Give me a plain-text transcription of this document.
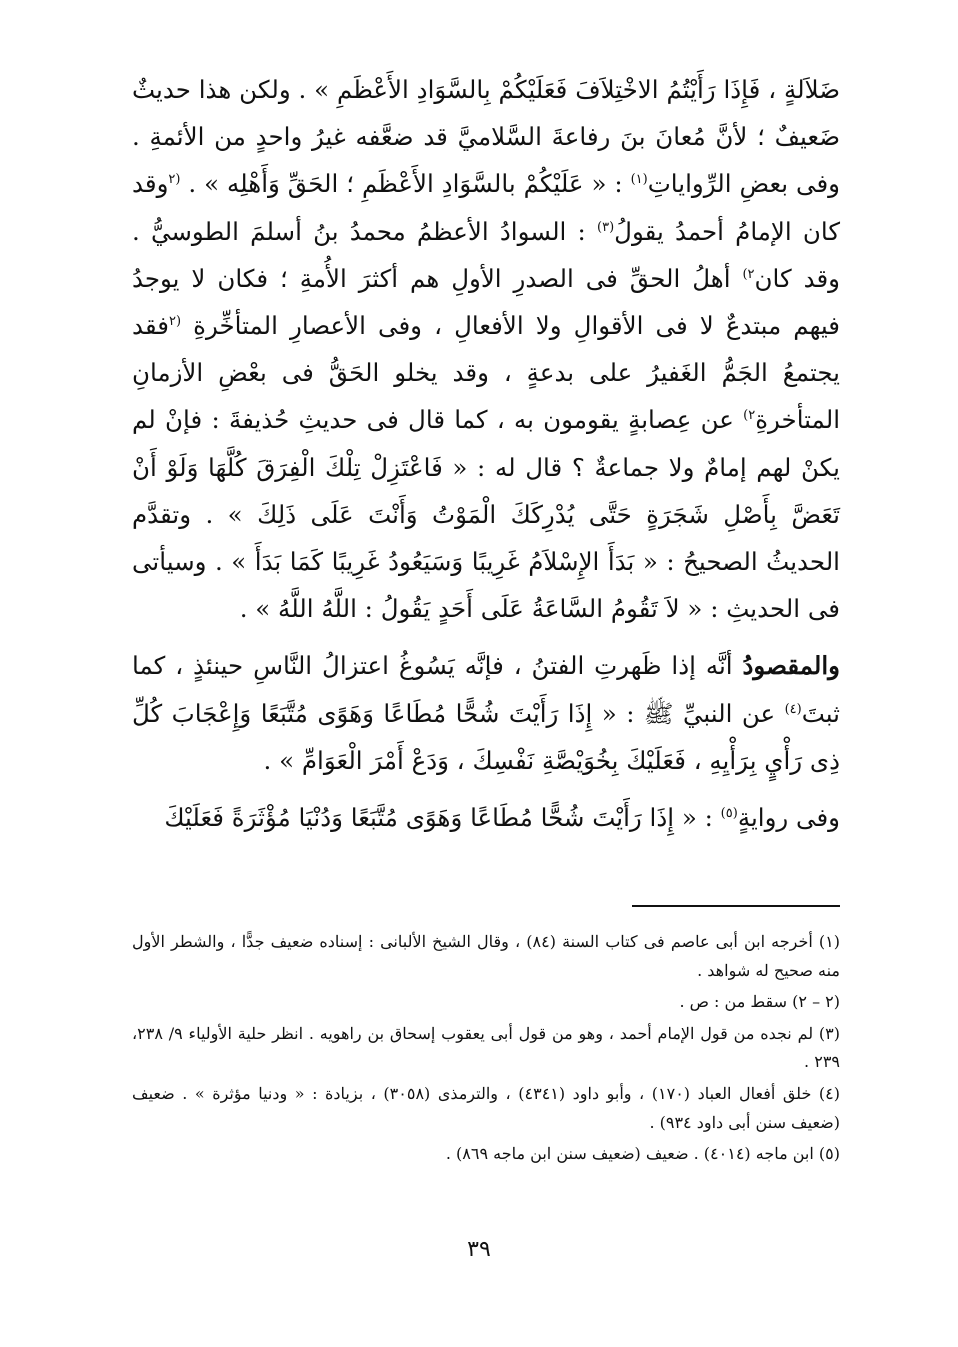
ضَلاَلةٍ ، فَإِذَا رَأَيْتُمُ الاخْتِلاَفَ فَعَلَيْكُمْ بِالسَّوَادِ الأَعْظَمِ » . ولكن هذا حديثٌ ضَعيفٌ ؛ لأنَّ مُعانَ بنَ رفاعةَ السَّلاميَّ قد ضعَّفه غيرُ واحدٍ من الأئمةِ . وفى بعضِ الرِّواياتِ$^{(١)}$ : « عَلَيْكُمْ بالسَّوَادِ الأَعْظَمِ ؛ الحَقِّ وَأَهْلِه » . $^{(٢}$وقد كان الإمامُ أحمدُ يقولُ$^{(٣)}$ : السوادُ الأعظمُ محمدُ بنُ أسلمَ الطوسيُّ . وقد كان$^{٢)}$ أهلُ الحقِّ فى الصدرِ الأولِ هم أكثرَ الأُمةِ ؛ فكان لا يوجدُ فيهم مبتدعٌ لا فى الأقوالِ ولا الأفعالِ ، وفى الأعصارِ المتأخِّرةِ $^{(٢}$فقد يجتمعُ الجَمُّ الغَفيرُ على بدعةٍ ، وقد يخلو الحَقُّ فى بعْضِ الأزمانِ المتأخرةِ$^{٢)}$ عن عِصابةٍ يقومون به ، كما قال فى حديثِ حُذيفةَ : فإنْ لم يكنْ لهم إمامٌ ولا جماعةٌ ؟ قال له : « فَاعْتَزِلْ تِلْكَ الْفِرَقَ كُلَّهَا وَلَوْ أَنْ تَعَضَّ بِأَصْلِ شَجَرَةٍ حَتَّى يُدْرِكَكَ الْمَوْتُ وَأَنْتَ عَلَى ذَلِكَ » . وتقدَّم الحديثُ الصحيحُ : « بَدَأَ الإِسْلاَمُ غَرِيبًا وَسَيَعُودُ غَرِيبًا كَمَا بَدَأَ » . وسيأتى فى الحديثِ : « لاَ تَقُومُ السَّاعَةُ عَلَى أَحَدٍ يَقُولُ : اللَّهُ اللَّهُ » .

والمقصودُ أنَّه إذا ظَهرتِ الفتنُ ، فإنَّه يَسُوغُ اعتزالُ النَّاسِ حينئذٍ ، كما ثبتَ$^{(٤)}$ عن النبيِّ ﷺ : « إِذَا رَأَيْتَ شُحًّا مُطَاعًا وَهَوًى مُتَّبَعًا وَإِعْجَابَ كُلِّ ذِى رَأْيٍ بِرَأْيِهِ ، فَعَلَيْكَ بِخُوَيْصَّةِ نَفْسِكَ ، وَدَعْ أَمْرَ الْعَوَامِّ » .

وفى روايةٍ$^{(٥)}$ : « إِذَا رَأَيْتَ شُحًّا مُطَاعًا وَهَوًى مُتَّبَعًا وَدُنْيَا مُؤْثَرَةً فَعَلَيْكَ

(١) أخرجه ابن أبى عاصم فى كتاب السنة (٨٤) ، وقال الشيخ الألبانى : إسناده ضعيف جدًّا ، والشطر الأول منه صحيح له شواهد .

(٢ – ٢) سقط من : ص .

(٣) لم نجده من قول الإمام أحمد ، وهو من قول أبى يعقوب إسحاق بن راهويه . انظر حلية الأولياء ٩/ ٢٣٨، ٢٣٩ .

(٤) خلق أفعال العباد (١٧٠) ، وأبو داود (٤٣٤١) ، والترمذى (٣٠٥٨) ، بزيادة : « ودنيا مؤثرة » . ضعيف (ضعيف سنن أبى داود ٩٣٤) .

(٥) ابن ماجه (٤٠١٤) . ضعيف (ضعيف سنن ابن ماجه ٨٦٩) .

٣٩
